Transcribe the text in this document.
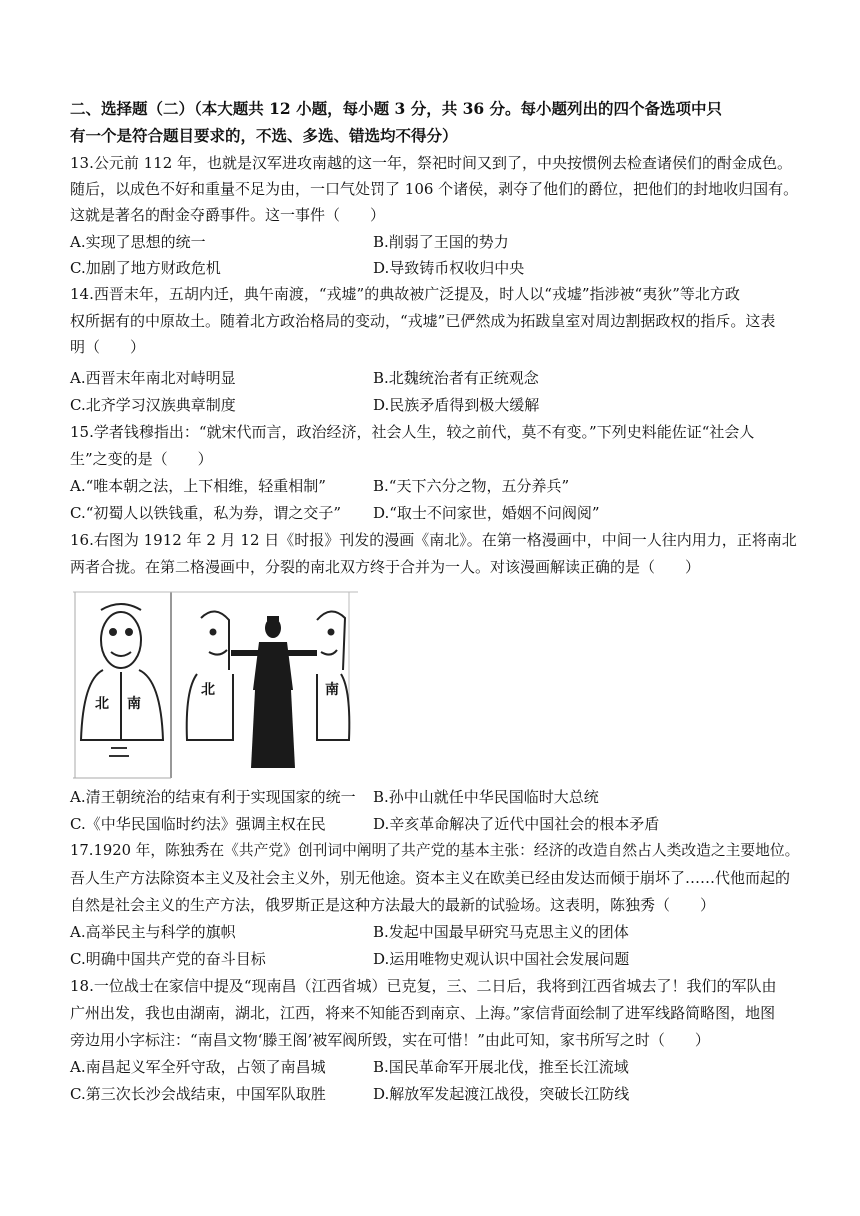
二、选择题（二）（本大题共 12 小题，每小题 3 分，共 36 分。每小题列出的四个备选项中只
有一个是符合题目要求的，不选、多选、错选均不得分）
13.公元前 112 年，也就是汉军进攻南越的这一年，祭祀时间又到了，中央按惯例去检查诸侯们的酎金成色。
随后，以成色不好和重量不足为由，一口气处罚了 106 个诸侯，剥夺了他们的爵位，把他们的封地收归国有。
这就是著名的酎金夺爵事件。这一事件（　　）
A.实现了思想的统一	B.削弱了王国的势力
C.加剧了地方财政危机	D.导致铸币权收归中央
14.西晋末年，五胡内迁，典午南渡，“戎墟”的典故被广泛提及，时人以“戎墟”指涉被“夷狄”等北方政
权所据有的中原故土。随着北方政治格局的变动，“戎墟”已俨然成为拓跋皇室对周边割据政权的指斥。这表
明（　　）
A.西晋末年南北对峙明显	B.北魏统治者有正统观念
C.北齐学习汉族典章制度	D.民族矛盾得到极大缓解
15.学者钱穆指出：“就宋代而言，政治经济，社会人生，较之前代，莫不有变。”下列史料能佐证“社会人
生”之变的是（　　）
A.“唯本朝之法，上下相维，轻重相制”	B.“天下六分之物，五分养兵”
C.“初蜀人以铁钱重，私为券，谓之交子” D.“取士不问家世，婚姻不问阀阅”
16.右图为 1912 年 2 月 12 日《时报》刊发的漫画《南北》。在第一格漫画中，中间一人往内用力，正将南北
两者合拢。在第二格漫画中，分裂的南北双方终于合并为一人。对该漫画解读正确的是（　　）
北 南
北	南
A.清王朝统治的结束有利于实现国家的统一 B.孙中山就任中华民国临时大总统
C.《中华民国临时约法》强调主权在民	D.辛亥革命解决了近代中国社会的根本矛盾
17.1920 年，陈独秀在《共产党》创刊词中阐明了共产党的基本主张：经济的改造自然占人类改造之主要地位。
吾人生产方法除资本主义及社会主义外，别无他途。资本主义在欧美已经由发达而倾于崩坏了……代他而起的
自然是社会主义的生产方法，俄罗斯正是这种方法最大的最新的试验场。这表明，陈独秀（　　）
A.高举民主与科学的旗帜	B.发起中国最早研究马克思主义的团体
C.明确中国共产党的奋斗目标	D.运用唯物史观认识中国社会发展问题
18.一位战士在家信中提及“现南昌（江西省城）已克复，三、二日后，我将到江西省城去了！我们的军队由
广州出发，我也由湖南，湖北，江西，将来不知能否到南京、上海。”家信背面绘制了进军线路简略图，地图
旁边用小字标注：“南昌文物‘滕王阁’被军阀所毁，实在可惜！”由此可知，家书所写之时（　　）
A.南昌起义军全歼守敌，占领了南昌城	B.国民革命军开展北伐，推至长江流域
C.第三次长沙会战结束，中国军队取胜	D.解放军发起渡江战役，突破长江防线
